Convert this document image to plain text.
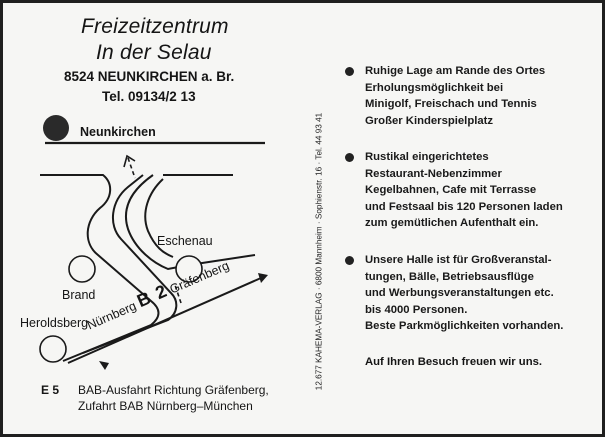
Freizeitzentrum
In der Selau
8524 NEUNKIRCHEN a. Br.
Tel. 09134/2 13
Neunkirchen
Eschenau
Brand
Heroldsberg
Nürnberg B 2 Gräfenberg
E 5 BAB-Ausfahrt Richtung Gräfenberg,
Zufahrt BAB Nürnberg–München
12.677 KAHEMA-VERLAG · 6800 Mannheim · Sophienstr. 16 · Tel. 44 93 41
Ruhige Lage am Rande des Ortes
Erholungsmöglichkeit bei
Minigolf, Freischach und Tennis
Großer Kinderspielplatz
Rustikal eingerichtetes
Restaurant-Nebenzimmer
Kegelbahnen, Cafe mit Terrasse
und Festsaal bis 120 Personen laden
zum gemütlichen Aufenthalt ein.
Unsere Halle ist für Großveranstal-
tungen, Bälle, Betriebsausflüge
und Werbungsveranstaltungen etc.
bis 4000 Personen.
Beste Parkmöglichkeiten vorhanden.
Auf Ihren Besuch freuen wir uns.
